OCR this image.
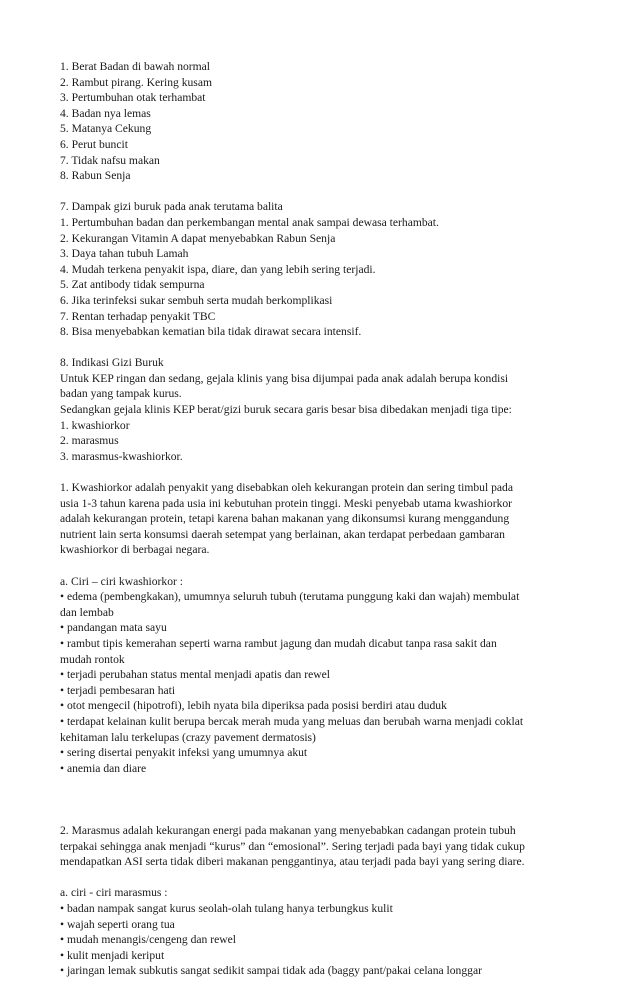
1. Berat Badan di bawah normal
2. Rambut pirang. Kering kusam
3. Pertumbuhan otak terhambat
4. Badan nya lemas
5. Matanya Cekung
6. Perut buncit
7. Tidak nafsu makan
8. Rabun Senja
7. Dampak gizi buruk pada anak terutama balita
1. Pertumbuhan badan dan perkembangan mental anak sampai dewasa terhambat.
2. Kekurangan Vitamin A dapat menyebabkan Rabun Senja
3. Daya tahan tubuh Lamah
4. Mudah terkena penyakit ispa, diare, dan yang lebih sering terjadi.
5. Zat antibody tidak sempurna
6. Jika terinfeksi sukar sembuh serta mudah berkomplikasi
7. Rentan terhadap penyakit TBC
8. Bisa menyebabkan kematian bila tidak dirawat secara intensif.
8. Indikasi Gizi Buruk
Untuk KEP ringan dan sedang, gejala klinis yang bisa dijumpai pada anak adalah berupa kondisi
badan yang tampak kurus.
Sedangkan gejala klinis KEP berat/gizi buruk secara garis besar bisa dibedakan menjadi tiga tipe:
1. kwashiorkor
2. marasmus
3. marasmus-kwashiorkor.
1. Kwashiorkor adalah penyakit yang disebabkan oleh kekurangan protein dan sering timbul pada
usia 1-3 tahun karena pada usia ini kebutuhan protein tinggi. Meski penyebab utama kwashiorkor
adalah kekurangan protein, tetapi karena bahan makanan yang dikonsumsi kurang menggandung
nutrient lain serta konsumsi daerah setempat yang berlainan, akan terdapat perbedaan gambaran
kwashiorkor di berbagai negara.
a. Ciri – ciri kwashiorkor :
• edema (pembengkakan), umumnya seluruh tubuh (terutama punggung kaki dan wajah) membulat
dan lembab
• pandangan mata sayu
• rambut tipis kemerahan seperti warna rambut jagung dan mudah dicabut tanpa rasa sakit dan
mudah rontok
• terjadi perubahan status mental menjadi apatis dan rewel
• terjadi pembesaran hati
• otot mengecil (hipotrofi), lebih nyata bila diperiksa pada posisi berdiri atau duduk
• terdapat kelainan kulit berupa bercak merah muda yang meluas dan berubah warna menjadi coklat
kehitaman lalu terkelupas (crazy pavement dermatosis)
• sering disertai penyakit infeksi yang umumnya akut
• anemia dan diare
2. Marasmus adalah kekurangan energi pada makanan yang menyebabkan cadangan protein tubuh
terpakai sehingga anak menjadi “kurus” dan “emosional”. Sering terjadi pada bayi yang tidak cukup
mendapatkan ASI serta tidak diberi makanan penggantinya, atau terjadi pada bayi yang sering diare.
a. ciri - ciri marasmus :
• badan nampak sangat kurus seolah-olah tulang hanya terbungkus kulit
• wajah seperti orang tua
• mudah menangis/cengeng dan rewel
• kulit menjadi keriput
• jaringan lemak subkutis sangat sedikit sampai tidak ada (baggy pant/pakai celana longgar
